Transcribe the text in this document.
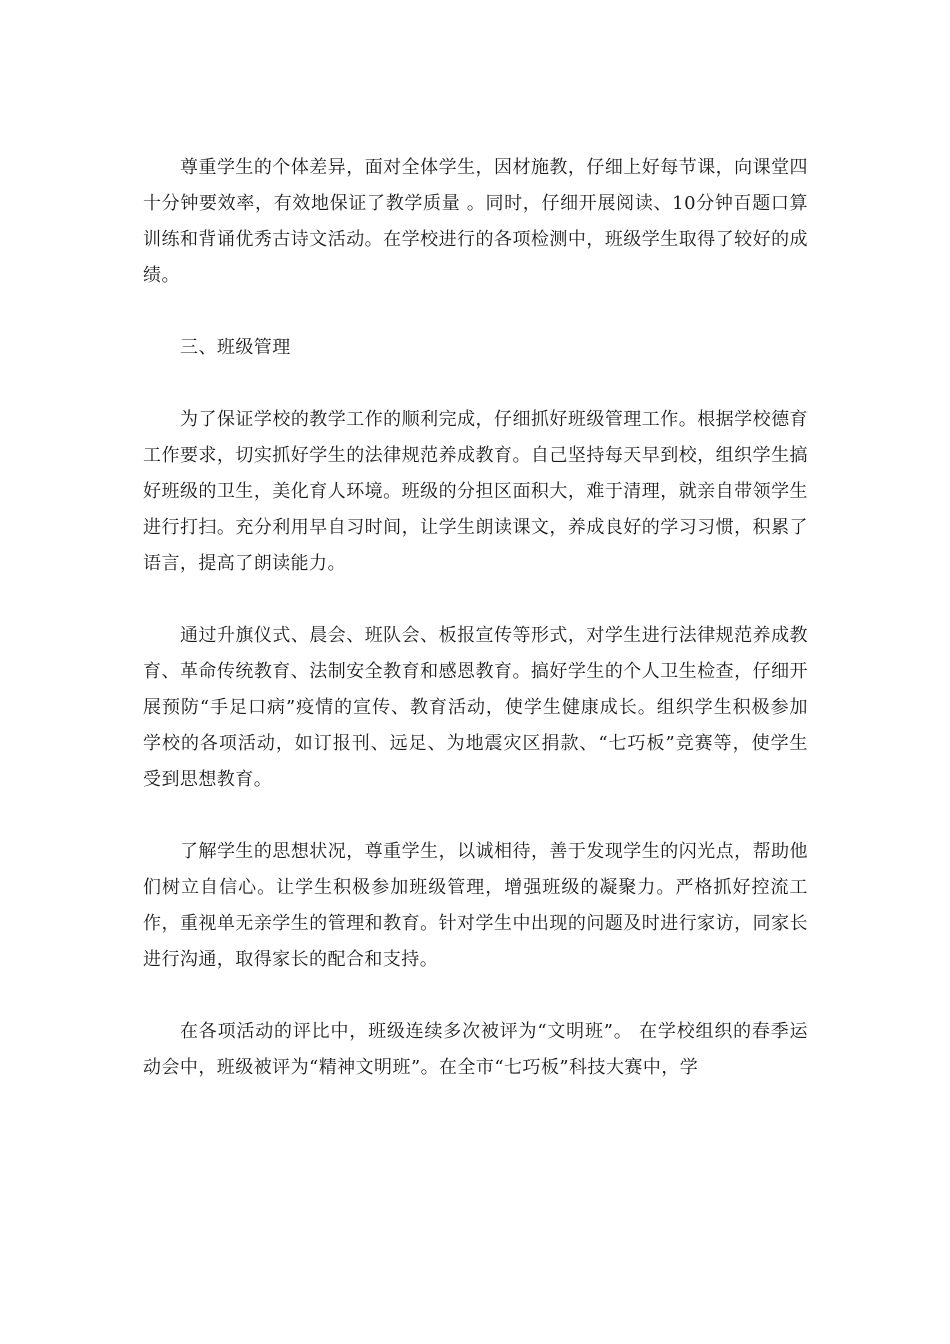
尊重学生的个体差异，面对全体学生，因材施教，仔细上好每节课，向课堂四十分钟要效率，有效地保证了教学质量 。同时，仔细开展阅读、10分钟百题口算训练和背诵优秀古诗文活动。在学校进行的各项检测中，班级学生取得了较好的成绩。

三、班级管理

为了保证学校的教学工作的顺利完成，仔细抓好班级管理工作。根据学校德育工作要求，切实抓好学生的法律规范养成教育。自己坚持每天早到校，组织学生搞好班级的卫生，美化育人环境。班级的分担区面积大，难于清理，就亲自带领学生进行打扫。充分利用早自习时间，让学生朗读课文，养成良好的学习习惯，积累了语言，提高了朗读能力。

通过升旗仪式、晨会、班队会、板报宣传等形式，对学生进行法律规范养成教育、革命传统教育、法制安全教育和感恩教育。搞好学生的个人卫生检查，仔细开展预防“手足口病”疫情的宣传、教育活动，使学生健康成长。组织学生积极参加学校的各项活动，如订报刊、远足、为地震灾区捐款、“七巧板”竞赛等，使学生受到思想教育。

了解学生的思想状况，尊重学生，以诚相待，善于发现学生的闪光点，帮助他们树立自信心。让学生积极参加班级管理，增强班级的凝聚力。严格抓好控流工作，重视单无亲学生的管理和教育。针对学生中出现的问题及时进行家访，同家长进行沟通，取得家长的配合和支持。

在各项活动的评比中，班级连续多次被评为“文明班”。 在学校组织的春季运动会中，班级被评为“精神文明班”。在全市“七巧板”科技大赛中，学
